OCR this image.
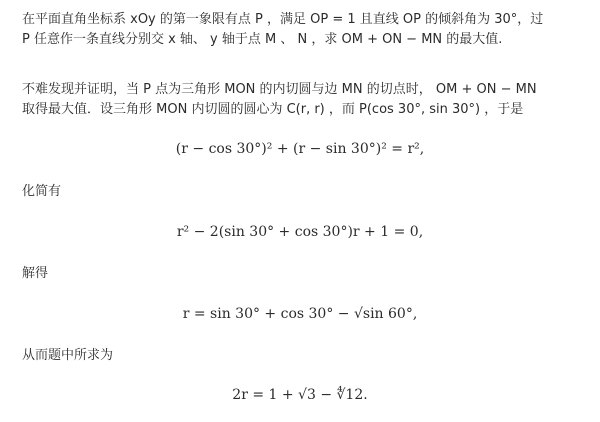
在平面直角坐标系 xOy 的第一象限有点 P ，满足 OP = 1 且直线 OP 的倾斜角为 30°，过
P 任意作一条直线分别交 x 轴、 y 轴于点 M 、 N ，求 OM + ON − MN 的最大值.
不难发现并证明，当 P 点为三角形 MON 的内切圆与边 MN 的切点时， OM + ON − MN
取得最大值．设三角形 MON 内切圆的圆心为 C(r, r) ，而 P(cos 30°, sin 30°) ，于是
(r − cos 30°)² + (r − sin 30°)² = r²,
化简有
r² − 2(sin 30° + cos 30°)r + 1 = 0,
解得
r = sin 30° + cos 30° − √sin 60°,
从而题中所求为
2r = 1 + √3 − ∜12.
